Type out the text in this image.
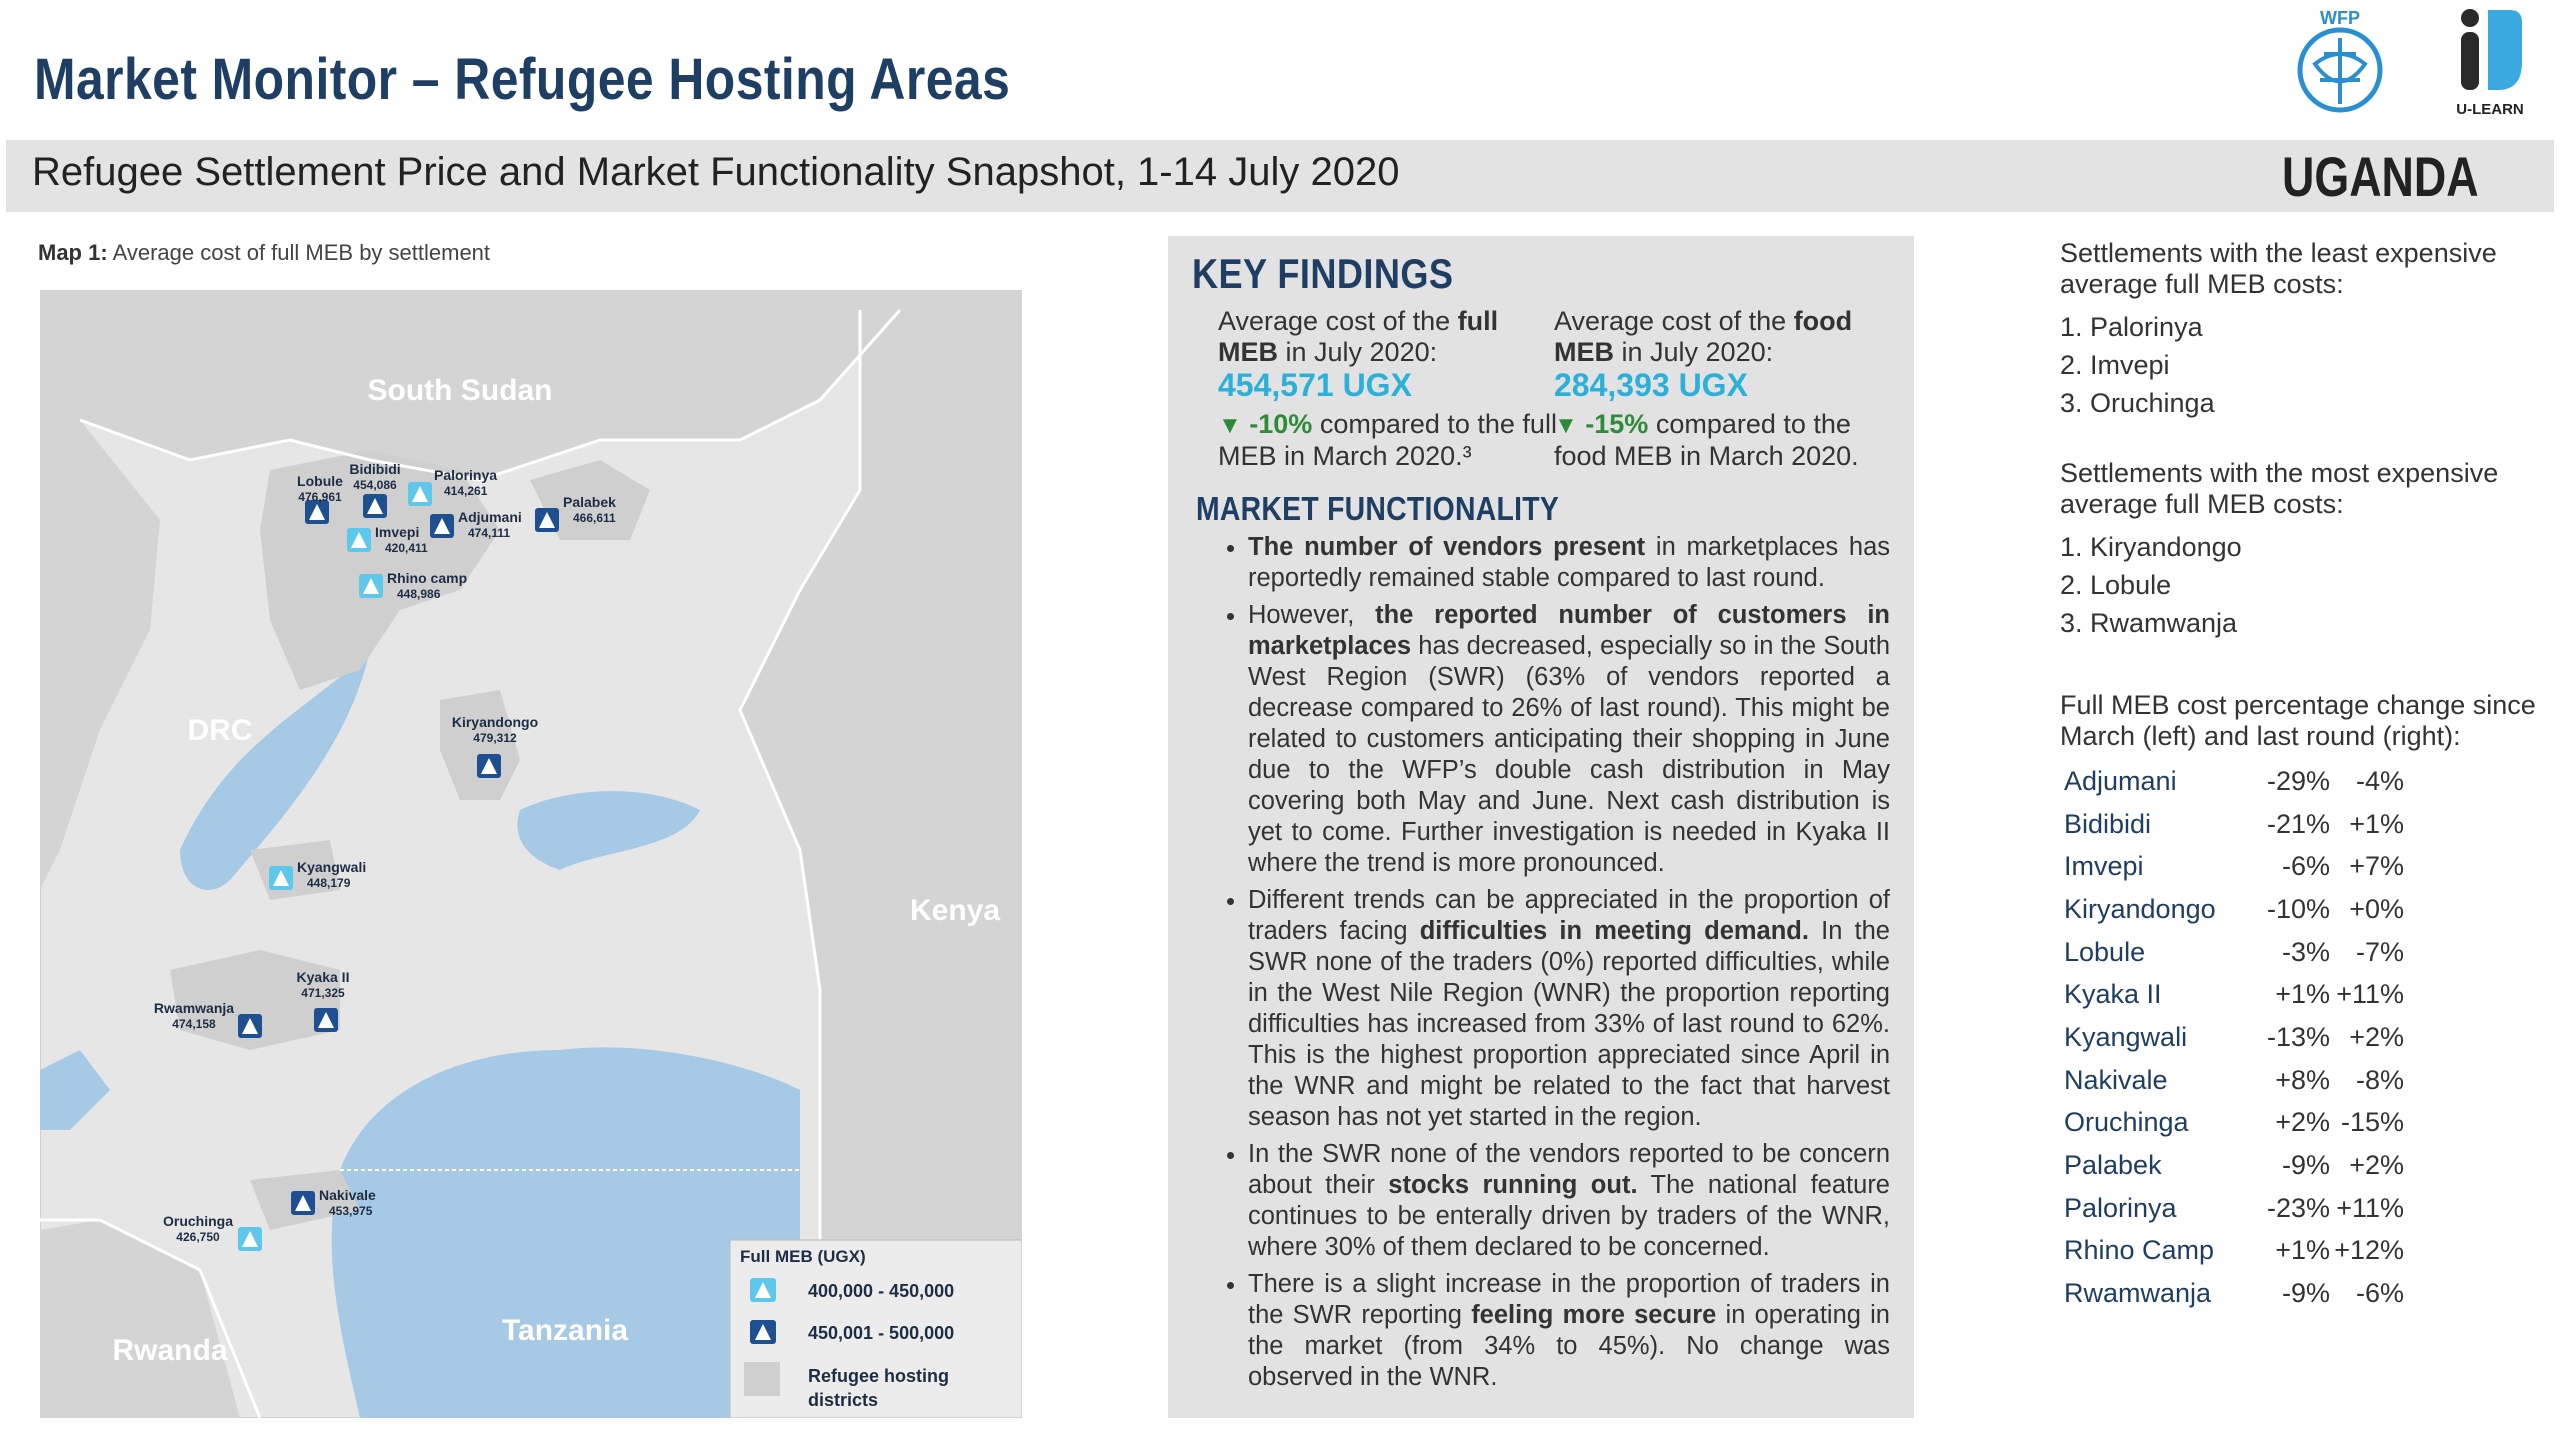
Market Monitor – Refugee Hosting Areas
WFP
U-LEARN
Refugee Settlement Price and Market Functionality Snapshot, 1-14 July 2020	UGANDA
Map 1: Average cost of full MEB by settlement
South Sudan
DRC
Kenya
Tanzania
Rwanda
Lobule
476,961
Bidibidi
454,086
Palorinya
414,261
Palabek
466,611
Adjumani
474,111
Imvepi
420,411
Rhino camp
448,986
Kiryandongo
479,312
Kyangwali
448,179
Kyaka II
471,325
Rwamwanja
474,158
Nakivale
453,975
Oruchinga
426,750
Full MEB (UGX)
400,000 - 450,000
450,001 - 500,000
Refugee hosting districts
KEY FINDINGS
Average cost of the full MEB in July 2020:
454,571 UGX
▼ -10% compared to the full MEB in March 2020.³
Average cost of the food MEB in July 2020:
284,393 UGX
▼ -15% compared to the food MEB in March 2020.
MARKET FUNCTIONALITY
• The number of vendors present in marketplaces has reportedly remained stable compared to last round.
• However, the reported number of customers in marketplaces has decreased, especially so in the South West Region (SWR) (63% of vendors reported a decrease compared to 26% of last round). This might be related to customers anticipating their shopping in June due to the WFP’s double cash distribution in May covering both May and June. Next cash distribution is yet to come. Further investigation is needed in Kyaka II where the trend is more pronounced.
• Different trends can be appreciated in the proportion of traders facing difficulties in meeting demand. In the SWR none of the traders (0%) reported difficulties, while in the West Nile Region (WNR) the proportion reporting difficulties has increased from 33% of last round to 62%. This is the highest proportion appreciated since April in the WNR and might be related to the fact that harvest season has not yet started in the region.
• In the SWR none of the vendors reported to be concern about their stocks running out. The national feature continues to be enterally driven by traders of the WNR, where 30% of them declared to be concerned.
• There is a slight increase in the proportion of traders in the SWR reporting feeling more secure in operating in the market (from 34% to 45%). No change was observed in the WNR.
Settlements with the least expensive average full MEB costs:
1. Palorinya
2. Imvepi
3. Oruchinga
Settlements with the most expensive average full MEB costs:
1. Kiryandongo
2. Lobule
3. Rwamwanja
Full MEB cost percentage change since March (left) and last round (right):
Adjumani	-29%	-4%
Bidibidi	-21%	+1%
Imvepi	-6%	+7%
Kiryandongo	-10%	+0%
Lobule	-3%	-7%
Kyaka II	+1%	+11%
Kyangwali	-13%	+2%
Nakivale	+8%	-8%
Oruchinga	+2%	-15%
Palabek	-9%	+2%
Palorinya	-23%	+11%
Rhino Camp	+1%	+12%
Rwamwanja	-9%	-6%
